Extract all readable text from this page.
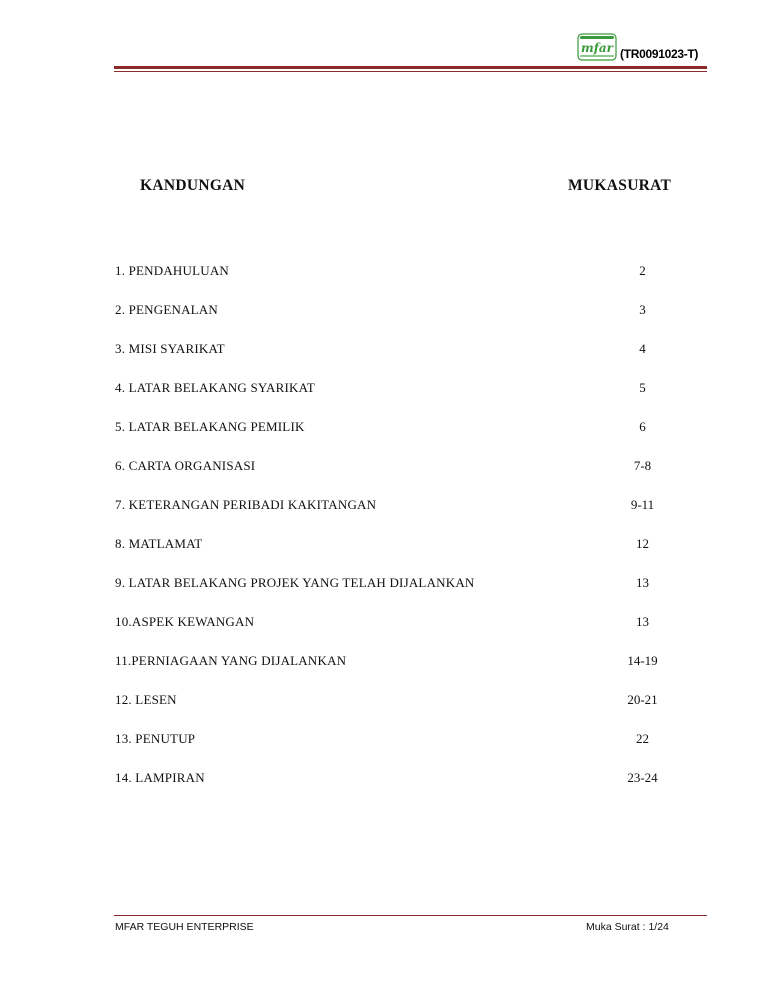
mfar (TR0091023-T)
KANDUNGAN	MUKASURAT
1. PENDAHULUAN	2
2. PENGENALAN	3
3. MISI SYARIKAT	4
4. LATAR BELAKANG SYARIKAT	5
5. LATAR BELAKANG PEMILIK	6
6. CARTA ORGANISASI	7-8
7. KETERANGAN PERIBADI KAKITANGAN	9-11
8. MATLAMAT	12
9. LATAR BELAKANG PROJEK YANG TELAH DIJALANKAN	13
10.ASPEK KEWANGAN	13
11.PERNIAGAAN YANG DIJALANKAN	14-19
12. LESEN	20-21
13. PENUTUP	22
14. LAMPIRAN	23-24
MFAR TEGUH ENTERPRISE	Muka Surat : 1/24
